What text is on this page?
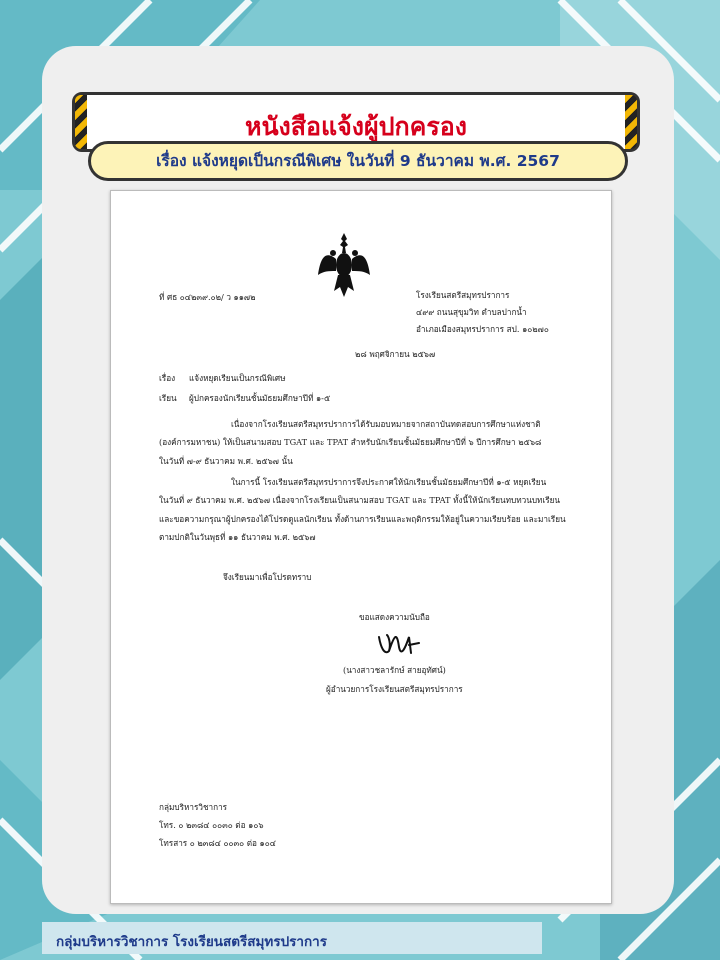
หนังสือแจ้งผู้ปกครอง
เรื่อง แจ้งหยุดเป็นกรณีพิเศษ ในวันที่ 9 ธันวาคม พ.ศ. 2567
ที่ ศธ ๐๔๒๓๙.๐๒/ ว ๑๑๗๒	โรงเรียนสตรีสมุทรปราการ
๔๙๙ ถนนสุขุมวิท ตำบลปากน้ำ
อำเภอเมืองสมุทรปราการ สป. ๑๐๒๗๐
๒๘ พฤศจิกายน ๒๕๖๗
เรื่อง แจ้งหยุดเรียนเป็นกรณีพิเศษ
เรียน ผู้ปกครองนักเรียนชั้นมัธยมศึกษาปีที่ ๑-๕
เนื่องจากโรงเรียนสตรีสมุทรปราการได้รับมอบหมายจากสถาบันทดสอบการศึกษาแห่งชาติ
(องค์การมหาชน) ให้เป็นสนามสอบ TGAT และ TPAT สำหรับนักเรียนชั้นมัธยมศึกษาปีที่ ๖ ปีการศึกษา ๒๕๖๘
ในวันที่ ๗-๙ ธันวาคม พ.ศ. ๒๕๖๗ นั้น
ในการนี้ โรงเรียนสตรีสมุทรปราการจึงประกาศให้นักเรียนชั้นมัธยมศึกษาปีที่ ๑-๕ หยุดเรียน
ในวันที่ ๙ ธันวาคม พ.ศ. ๒๕๖๗ เนื่องจากโรงเรียนเป็นสนามสอบ TGAT และ TPAT ทั้งนี้ให้นักเรียนทบทวนบทเรียน
และขอความกรุณาผู้ปกครองได้โปรดดูแลนักเรียน ทั้งด้านการเรียนและพฤติกรรมให้อยู่ในความเรียบร้อย และมาเรียน
ตามปกติในวันพุธที่ ๑๑ ธันวาคม พ.ศ. ๒๕๖๗
จึงเรียนมาเพื่อโปรดทราบ
ขอแสดงความนับถือ
(นางสาวชลารักษ์ สายอุทัศน์)
ผู้อำนวยการโรงเรียนสตรีสมุทรปราการ
กลุ่มบริหารวิชาการ
โทร. ๐ ๒๓๘๔ ๐๐๓๐ ต่อ ๑๐๖
โทรสาร ๐ ๒๓๘๔ ๐๐๓๐ ต่อ ๑๐๔
กลุ่มบริหารวิชาการ โรงเรียนสตรีสมุทรปราการ
